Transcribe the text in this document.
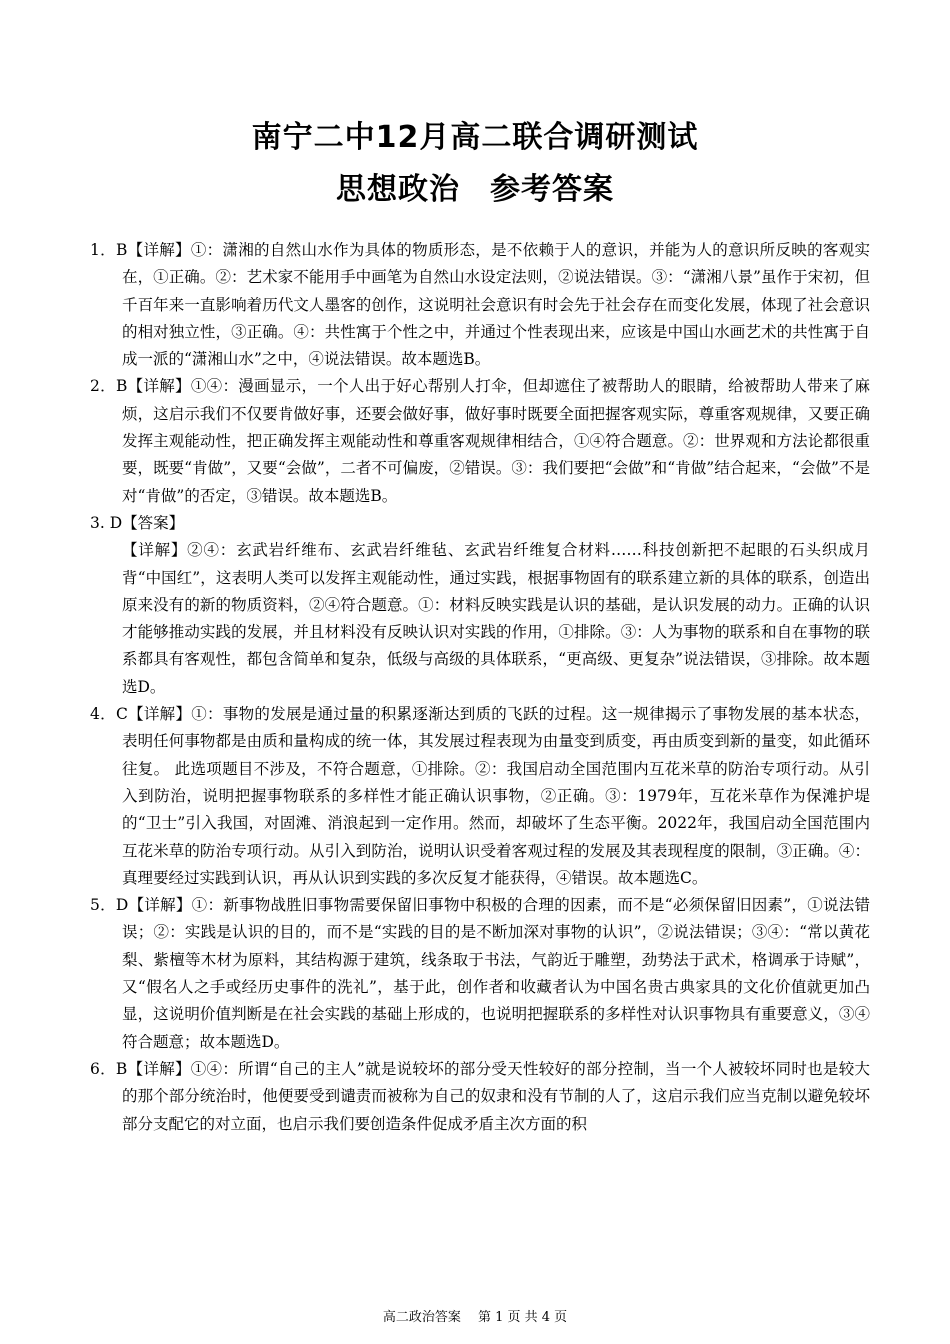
南宁二中12月高二联合调研测试
思想政治 参考答案

1．B【详解】①：潇湘的自然山水作为具体的物质形态，是不依赖于人的意识，并能为人的意识所反映的客观实在，①正确。②：艺术家不能用手中画笔为自然山水设定法则，②说法错误。③：“潇湘八景”虽作于宋初，但千百年来一直影响着历代文人墨客的创作，这说明社会意识有时会先于社会存在而变化发展，体现了社会意识的相对独立性，③正确。④：共性寓于个性之中，并通过个性表现出来，应该是中国山水画艺术的共性寓于自成一派的“潇湘山水”之中，④说法错误。故本题选B。

2．B【详解】①④：漫画显示，一个人出于好心帮别人打伞，但却遮住了被帮助人的眼睛，给被帮助人带来了麻烦，这启示我们不仅要肯做好事，还要会做好事，做好事时既要全面把握客观实际，尊重客观规律，又要正确发挥主观能动性，把正确发挥主观能动性和尊重客观规律相结合，①④符合题意。②：世界观和方法论都很重要，既要“肯做”，又要“会做”，二者不可偏废，②错误。③：我们要把“会做”和“肯做”结合起来，“会做”不是对“肯做”的否定，③错误。故本题选B。

3. D【答案】

【详解】②④：玄武岩纤维布、玄武岩纤维毡、玄武岩纤维复合材料……科技创新把不起眼的石头织成月背“中国红”，这表明人类可以发挥主观能动性，通过实践，根据事物固有的联系建立新的具体的联系，创造出原来没有的新的物质资料，②④符合题意。①：材料反映实践是认识的基础，是认识发展的动力。正确的认识才能够推动实践的发展，并且材料没有反映认识对实践的作用，①排除。③：人为事物的联系和自在事物的联系都具有客观性，都包含简单和复杂，低级与高级的具体联系，“更高级、更复杂”说法错误，③排除。故本题选D。

4．C【详解】①：事物的发展是通过量的积累逐渐达到质的飞跃的过程。这一规律揭示了事物发展的基本状态，表明任何事物都是由质和量构成的统一体，其发展过程表现为由量变到质变，再由质变到新的量变，如此循环往复。 此选项题目不涉及，不符合题意，①排除。②：我国启动全国范围内互花米草的防治专项行动。从引入到防治，说明把握事物联系的多样性才能正确认识事物，②正确。③：1979年，互花米草作为保滩护堤的“卫士”引入我国，对固滩、消浪起到一定作用。然而，却破坏了生态平衡。2022年，我国启动全国范围内互花米草的防治专项行动。从引入到防治，说明认识受着客观过程的发展及其表现程度的限制，③正确。④：真理要经过实践到认识，再从认识到实践的多次反复才能获得，④错误。故本题选C。

5．D【详解】①：新事物战胜旧事物需要保留旧事物中积极的合理的因素，而不是“必须保留旧因素”，①说法错误；②：实践是认识的目的，而不是“实践的目的是不断加深对事物的认识”，②说法错误；③④：“常以黄花梨、紫檀等木材为原料，其结构源于建筑，线条取于书法，气韵近于雕塑，劲势法于武术，格调承于诗赋”，又“假名人之手或经历史事件的洗礼”，基于此，创作者和收藏者认为中国名贵古典家具的文化价值就更加凸显，这说明价值判断是在社会实践的基础上形成的，也说明把握联系的多样性对认识事物具有重要意义，③④符合题意；故本题选D。

6．B【详解】①④：所谓“自己的主人”就是说较坏的部分受天性较好的部分控制，当一个人被较坏同时也是较大的那个部分统治时，他便要受到谴责而被称为自己的奴隶和没有节制的人了，这启示我们应当克制以避免较坏部分支配它的对立面，也启示我们要创造条件促成矛盾主次方面的积

高二政治答案　 第 1 页 共 4 页
